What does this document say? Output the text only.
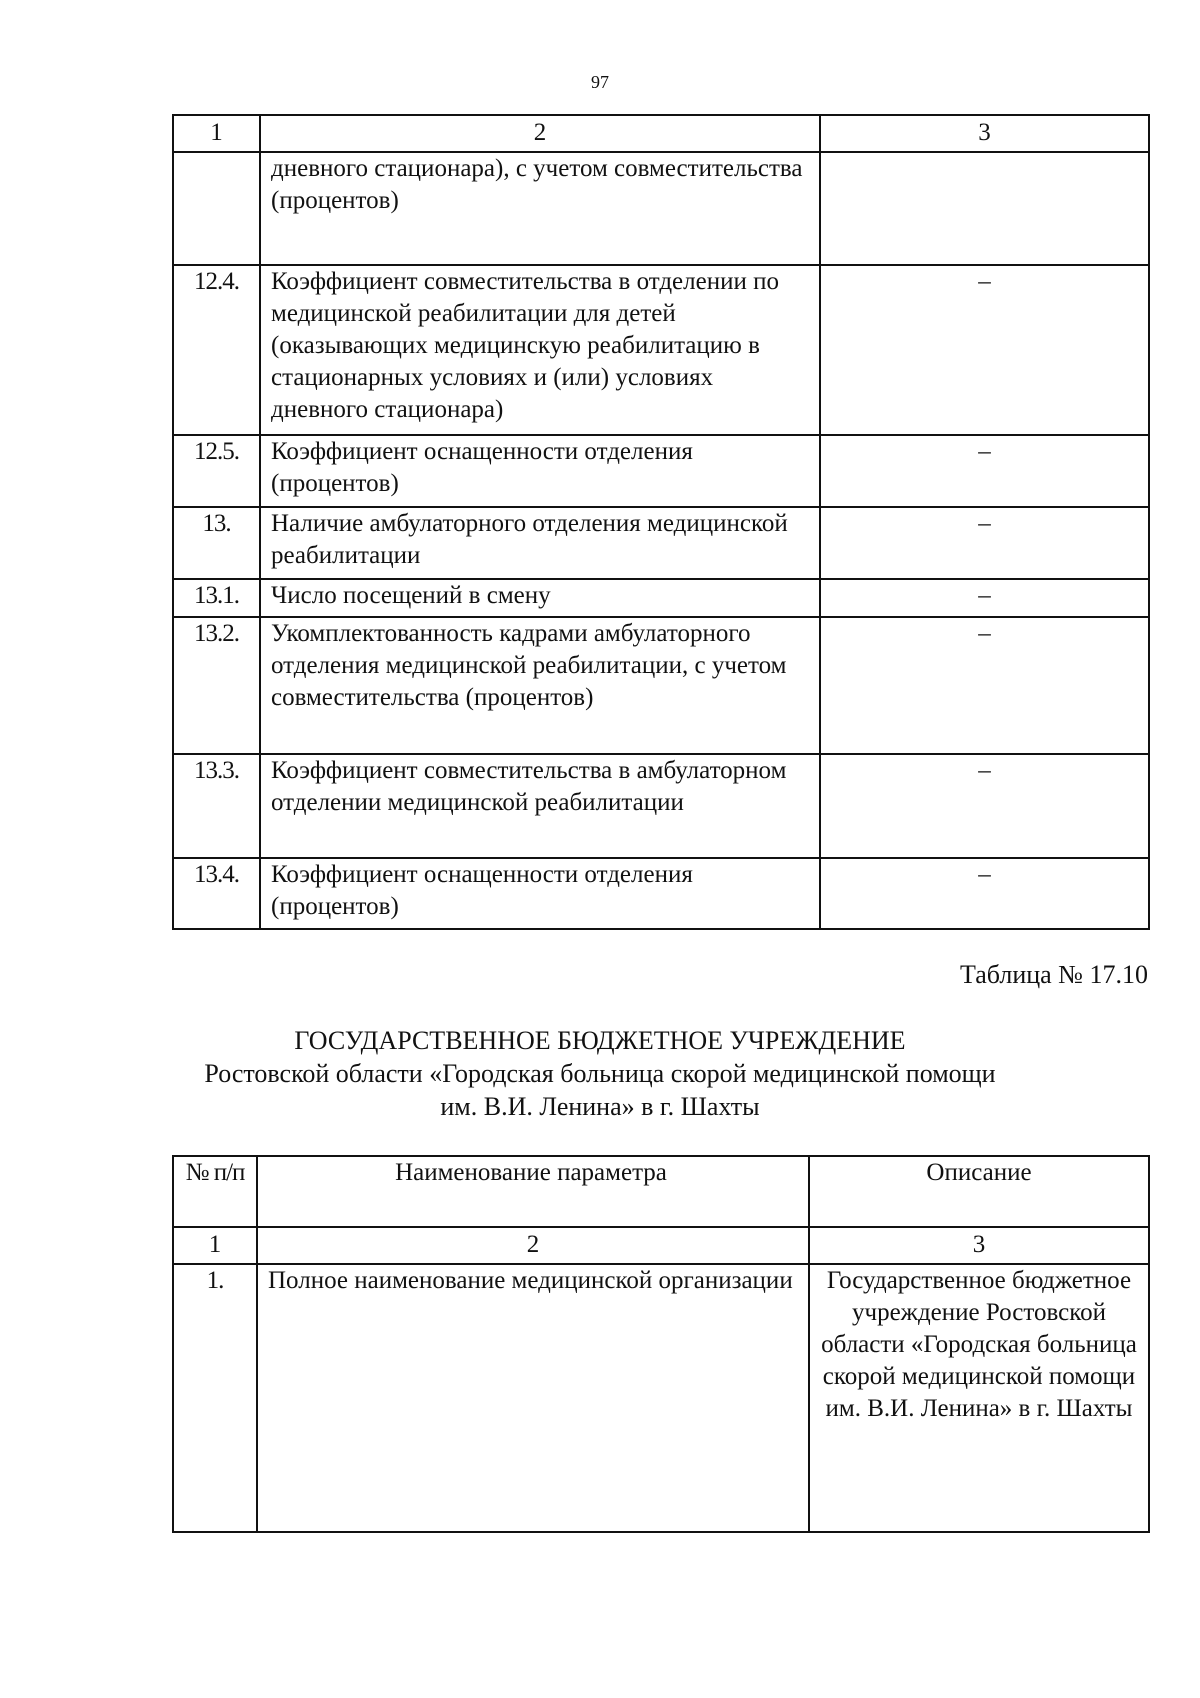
97
1	2	3
	дневного стационара), с учетом совместительства (процентов)	
12.4.	Коэффициент совместительства в отделении по медицинской реабилитации для детей (оказывающих медицинскую реабилитацию в стационарных условиях и (или) условиях дневного стационара)	–
12.5.	Коэффициент оснащенности отделения (процентов)	–
13.	Наличие амбулаторного отделения медицинской реабилитации	–
13.1.	Число посещений в смену	–
13.2.	Укомплектованность кадрами амбулаторного отделения медицинской реабилитации, с учетом совместительства (процентов)	–
13.3.	Коэффициент совместительства в амбулаторном отделении медицинской реабилитации	–
13.4.	Коэффициент оснащенности отделения (процентов)	–
Таблица № 17.10
ГОСУДАРСТВЕННОЕ БЮДЖЕТНОЕ УЧРЕЖДЕНИЕ
Ростовской области «Городская больница скорой медицинской помощи
им. В.И. Ленина» в г. Шахты
№ п/п	Наименование параметра	Описание
1	2	3
1.	Полное наименование медицинской организации	Государственное бюджетное учреждение Ростовской области «Городская больница скорой медицинской помощи им. В.И. Ленина» в г. Шахты
